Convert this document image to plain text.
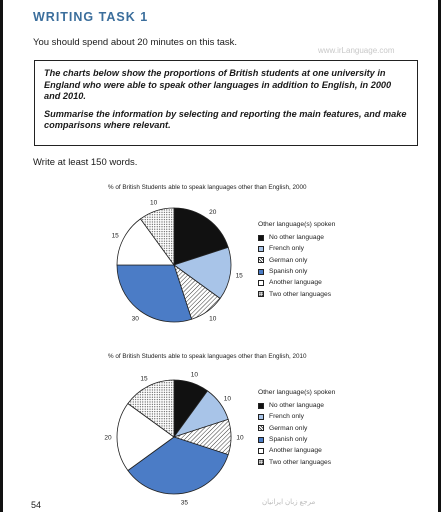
WRITING TASK 1
You should spend about 20 minutes on this task.
www.irLanguage.com

The charts below show the proportions of British students at one university in England who were able to speak other languages in addition to English, in 2000 and 2010.

Summarise the information by selecting and reporting the main features, and make comparisons where relevant.

Write at least 150 words.
% of British Students able to speak languages other than English, 2000
Other language(s) spoken
No other language
French only
German only
Spanish only
Another language
Two other languages
% of British Students able to speak languages other than English, 2010
Other language(s) spoken
No other language
French only
German only
Spanish only
Another language
Two other languages
20
15
10
30
15
10
10
10
10
35
20
15
54	مرجع زبان ایرانیان
